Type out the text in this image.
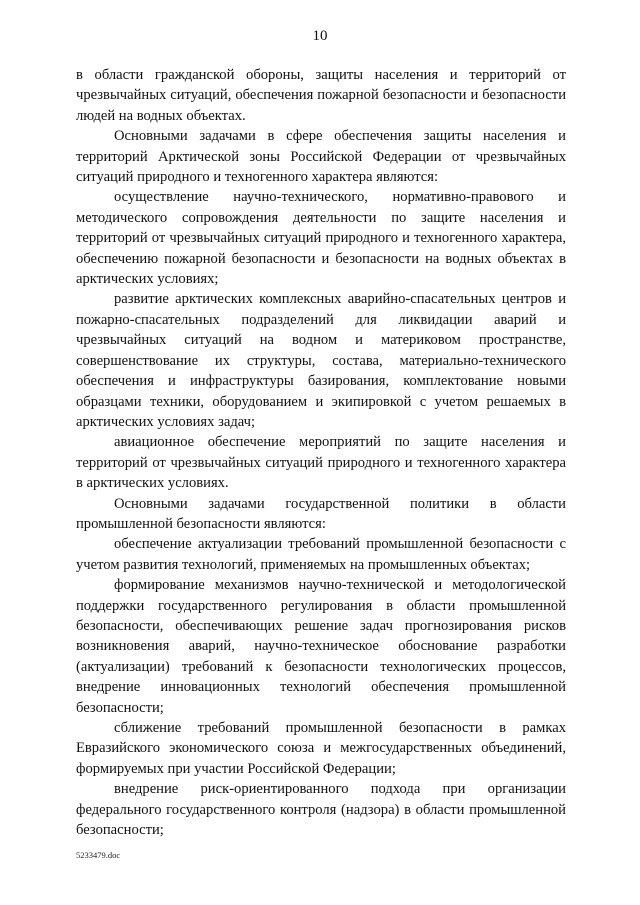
10

в области гражданской обороны, защиты населения и территорий от чрезвычайных ситуаций, обеспечения пожарной безопасности и безопасности людей на водных объектах.

Основными задачами в сфере обеспечения защиты населения и территорий Арктической зоны Российской Федерации от чрезвычайных ситуаций природного и техногенного характера являются:

осуществление научно-технического, нормативно-правового и методического сопровождения деятельности по защите населения и территорий от чрезвычайных ситуаций природного и техногенного характера, обеспечению пожарной безопасности и безопасности на водных объектах в арктических условиях;

развитие арктических комплексных аварийно-спасательных центров и пожарно-спасательных подразделений для ликвидации аварий и чрезвычайных ситуаций на водном и материковом пространстве, совершенствование их структуры, состава, материально-технического обеспечения и инфраструктуры базирования, комплектование новыми образцами техники, оборудованием и экипировкой с учетом решаемых в арктических условиях задач;

авиационное обеспечение мероприятий по защите населения и территорий от чрезвычайных ситуаций природного и техногенного характера в арктических условиях.

Основными задачами государственной политики в области промышленной безопасности являются:

обеспечение актуализации требований промышленной безопасности с учетом развития технологий, применяемых на промышленных объектах;

формирование механизмов научно-технической и методологической поддержки государственного регулирования в области промышленной безопасности, обеспечивающих решение задач прогнозирования рисков возникновения аварий, научно-техническое обоснование разработки (актуализации) требований к безопасности технологических процессов, внедрение инновационных технологий обеспечения промышленной безопасности;

сближение требований промышленной безопасности в рамках Евразийского экономического союза и межгосударственных объединений, формируемых при участии Российской Федерации;

внедрение риск-ориентированного подхода при организации федерального государственного контроля (надзора) в области промышленной безопасности;

5233479.doc
